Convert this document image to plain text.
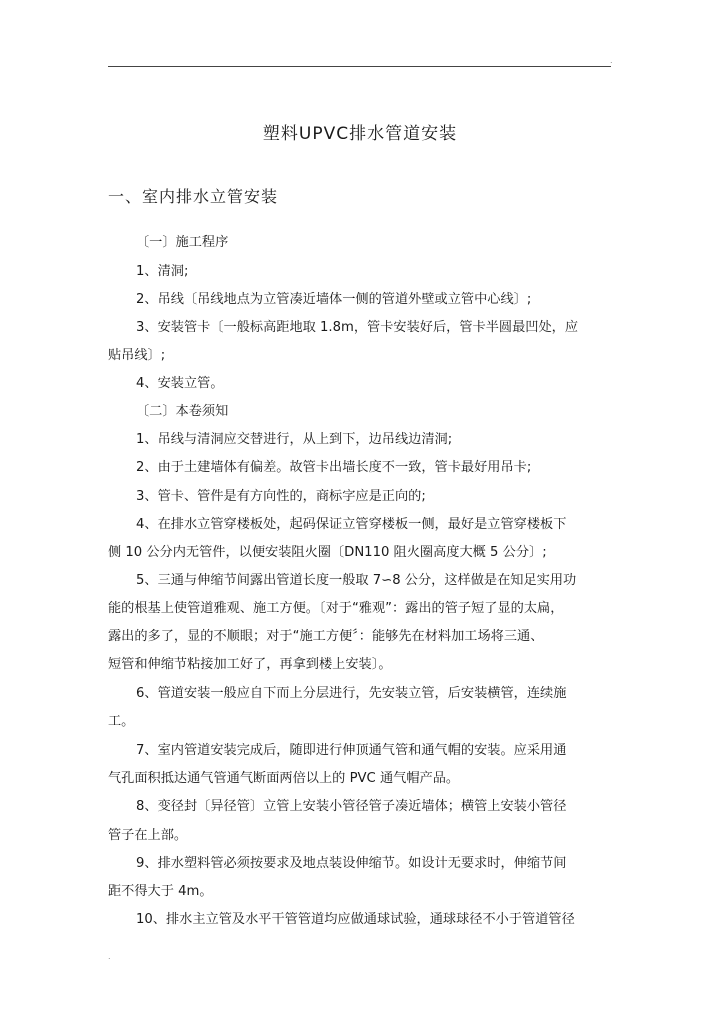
.
塑料UPVC排水管道安装
一、室内排水立管安装
〔一〕施工程序
1、清洞;
2、吊线〔吊线地点为立管凑近墙体一侧的管道外壁或立管中心线〕;
3、安装管卡〔一般标高距地取 1.8m，管卡安装好后，管卡半圆最凹处，应
贴吊线〕;
4、安装立管。
〔二〕本卷须知
1、吊线与清洞应交替进行，从上到下，边吊线边清洞;
2、由于土建墙体有偏差。故管卡出墙长度不一致，管卡最好用吊卡;
3、管卡、管件是有方向性的，商标字应是正向的;
4、在排水立管穿楼板处，起码保证立管穿楼板一侧，最好是立管穿楼板下
侧 10 公分内无管件，以便安装阻火圈〔DN110 阻火圈高度大概 5 公分〕;
5、三通与伸缩节间露出管道长度一般取 7∽8 公分，这样做是在知足实用功
能的根基上使管道雅观、施工方便。〔对于“雅观”：露出的管子短了显的太扁，
露出的多了，显的不顺眼；对于“施工方便〞：能够先在材料加工场将三通、
短管和伸缩节粘接加工好了，再拿到楼上安装〕。
6、管道安装一般应自下而上分层进行，先安装立管，后安装横管，连续施
工。
7、室内管道安装完成后，随即进行伸顶通气管和通气帽的安装。应采用通
气孔面积抵达通气管通气断面两倍以上的 PVC 通气帽产品。
8、变径封〔异径管〕立管上安装小管径管子凑近墙体；横管上安装小管径
管子在上部。
9、排水塑料管必须按要求及地点装设伸缩节。如设计无要求时，伸缩节间
距不得大于 4m。
10、排水主立管及水平干管管道均应做通球试验，通球球径不小于管道管径
.
